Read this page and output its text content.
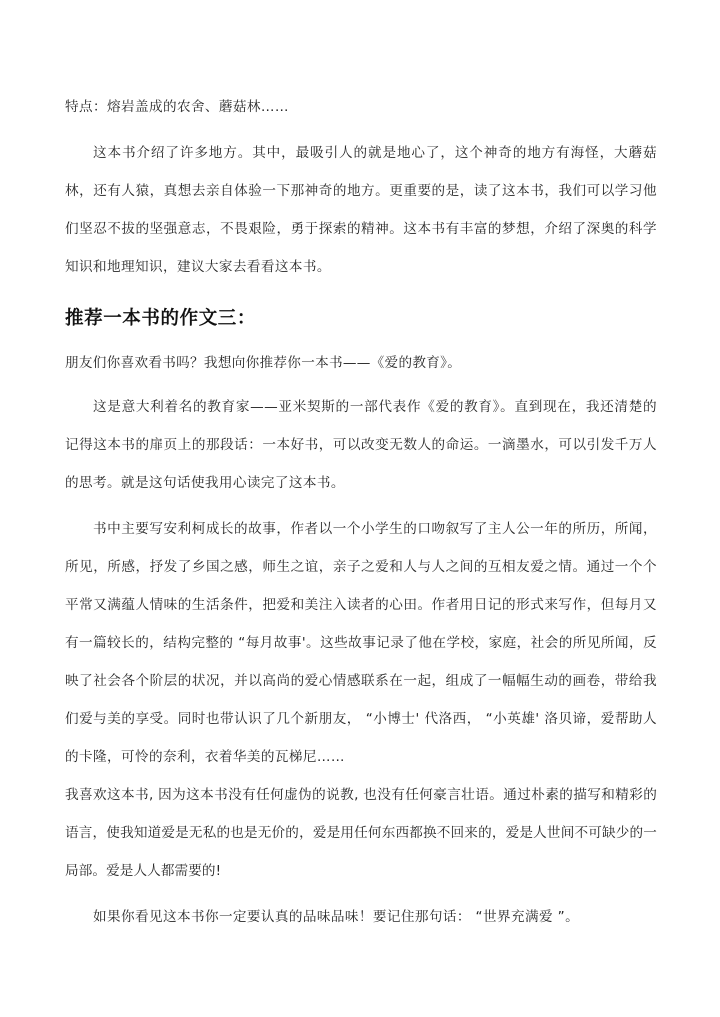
特点：熔岩盖成的农舍、蘑菇林……

这本书介绍了许多地方。其中，最吸引人的就是地心了，这个神奇的地方有海怪，大蘑菇林，还有人猿，真想去亲自体验一下那神奇的地方。更重要的是，读了这本书，我们可以学习他们坚忍不拔的坚强意志，不畏艰险，勇于探索的精神。这本书有丰富的梦想，介绍了深奥的科学知识和地理知识，建议大家去看看这本书。

推荐一本书的作文三：

朋友们你喜欢看书吗？我想向你推荐你一本书——《爱的教育》。

这是意大利着名的教育家——亚米契斯的一部代表作《爱的教育》。直到现在，我还清楚的记得这本书的扉页上的那段话：一本好书，可以改变无数人的命运。一滴墨水，可以引发千万人的思考。就是这句话使我用心读完了这本书。

书中主要写安利柯成长的故事，作者以一个小学生的口吻叙写了主人公一年的所历，所闻，所见，所感，抒发了乡国之感，师生之谊，亲子之爱和人与人之间的互相友爱之情。通过一个个平常又满蕴人情味的生活条件，把爱和美注入读者的心田。作者用日记的形式来写作，但每月又有一篇较长的，结构完整的 “每月故事'。这些故事记录了他在学校，家庭，社会的所见所闻，反映了社会各个阶层的状况，并以高尚的爱心情感联系在一起，组成了一幅幅生动的画卷，带给我们爱与美的享受。同时也带认识了几个新朋友， “小博士' 代洛西， “小英雄' 洛贝谛，爱帮助人的卡隆，可怜的奈利，衣着华美的瓦梯尼……

我喜欢这本书, 因为这本书没有任何虚伪的说教, 也没有任何豪言壮语。通过朴素的描写和精彩的语言，使我知道爱是无私的也是无价的，爱是用任何东西都换不回来的，爱是人世间不可缺少的一局部。爱是人人都需要的!

如果你看见这本书你一定要认真的品味品味！要记住那句话： “世界充满爱 ”。
